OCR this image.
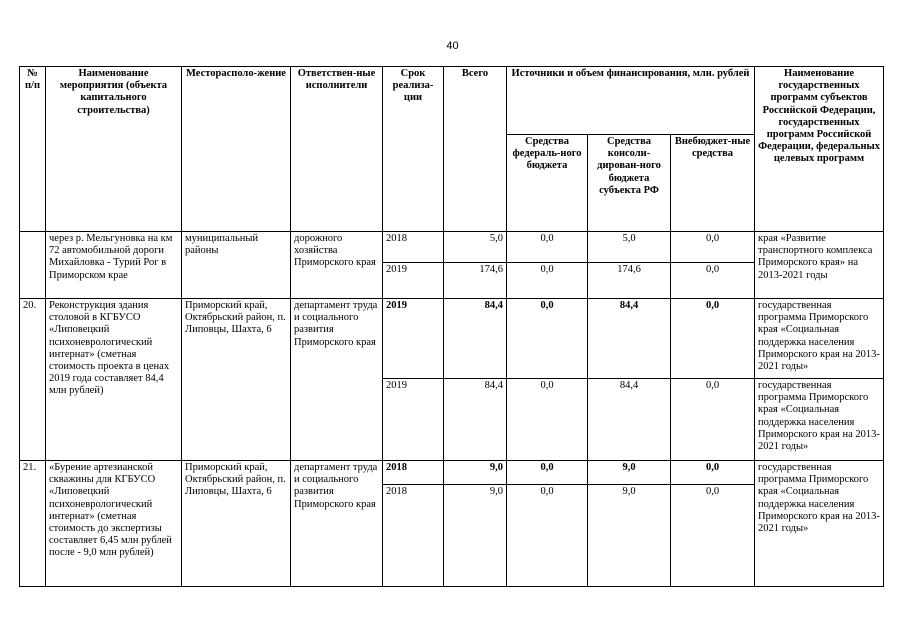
40
№ п/п	Наименование мероприятия (объекта капитального строительства)	Месторасполо-жение	Ответствен-ные исполнители	Срок реализа-ции	Всего	Источники и объем финансирования, млн. рублей			Наименование государственных программ субъектов Российской Федерации, государственных программ Российской Федерации, федеральных целевых программ
						Средства федераль-ного бюджета	Средства консоли-дирован-ного бюджета субъекта РФ	Внебюджет-ные средства	
	через р. Мельгуновка на км 72 автомобильной дороги Михайловка - Турий Рог в Приморском крае	муниципальный районы	дорожного хозяйства Приморского края	2018	5,0	0,0	5,0	0,0	края «Развитие транспортного комплекса Приморского края» на 2013-2021 годы
				2019	174,6	0,0	174,6	0,0	
20.	Реконструкция здания столовой в КГБУСО «Липовецкий психоневрологический интернат» (сметная стоимость проекта в ценах 2019 года составляет 84,4 млн рублей)	Приморский край, Октябрьский район, п. Липовцы, Шахта, 6	департамент труда и социального развития Приморского края	2019	84,4	0,0	84,4	0,0	государственная программа Приморского края «Социальная поддержка населения Приморского края на 2013-2021 годы»
				2019	84,4	0,0	84,4	0,0	государственная программа Приморского края «Социальная поддержка населения Приморского края на 2013-2021 годы»
21.	«Бурение артезианской скважины для КГБУСО «Липовецкий психоневрологический интернат» (сметная стоимость до экспертизы составляет 6,45 млн рублей после - 9,0 млн рублей)	Приморский край, Октябрьский район, п. Липовцы, Шахта, 6	департамент труда и социального развития Приморского края	2018	9,0	0,0	9,0	0,0	государственная программа Приморского края «Социальная поддержка населения Приморского края на 2013-2021 годы»
				2018	9,0	0,0	9,0	0,0	
